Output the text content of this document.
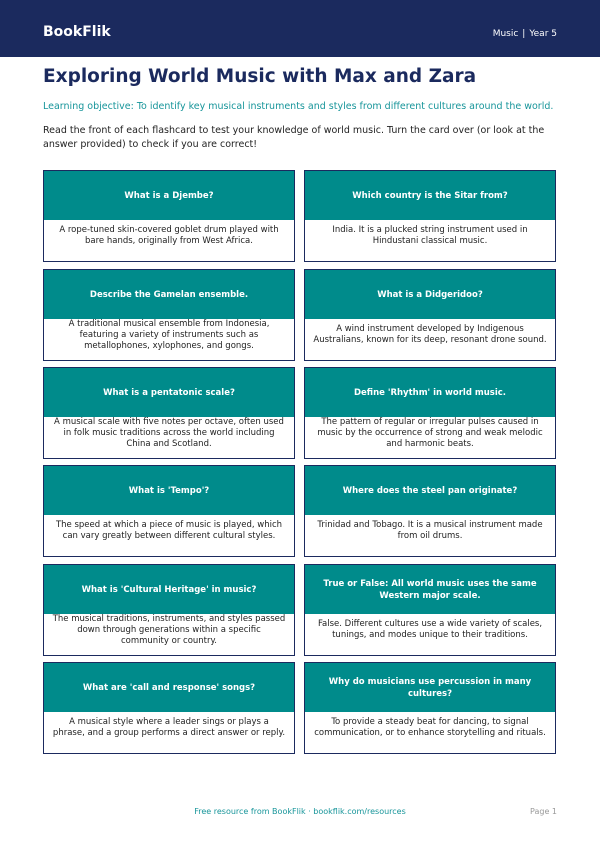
BookFlik	Music | Year 5
Exploring World Music with Max and Zara
Learning objective: To identify key musical instruments and styles from different cultures around the world.
Read the front of each flashcard to test your knowledge of world music. Turn the card over (or look at the answer provided) to check if you are correct!
What is a Djembe?
A rope-tuned skin-covered goblet drum played with bare hands, originally from West Africa.
Which country is the Sitar from?
India. It is a plucked string instrument used in Hindustani classical music.
Describe the Gamelan ensemble.
A traditional musical ensemble from Indonesia, featuring a variety of instruments such as metallophones, xylophones, and gongs.
What is a Didgeridoo?
A wind instrument developed by Indigenous Australians, known for its deep, resonant drone sound.
What is a pentatonic scale?
A musical scale with five notes per octave, often used in folk music traditions across the world including China and Scotland.
Define 'Rhythm' in world music.
The pattern of regular or irregular pulses caused in music by the occurrence of strong and weak melodic and harmonic beats.
What is 'Tempo'?
The speed at which a piece of music is played, which can vary greatly between different cultural styles.
Where does the steel pan originate?
Trinidad and Tobago. It is a musical instrument made from oil drums.
What is 'Cultural Heritage' in music?
The musical traditions, instruments, and styles passed down through generations within a specific community or country.
True or False: All world music uses the same Western major scale.
False. Different cultures use a wide variety of scales, tunings, and modes unique to their traditions.
What are 'call and response' songs?
A musical style where a leader sings or plays a phrase, and a group performs a direct answer or reply.
Why do musicians use percussion in many cultures?
To provide a steady beat for dancing, to signal communication, or to enhance storytelling and rituals.
Free resource from BookFlik · bookflik.com/resources	Page 1
